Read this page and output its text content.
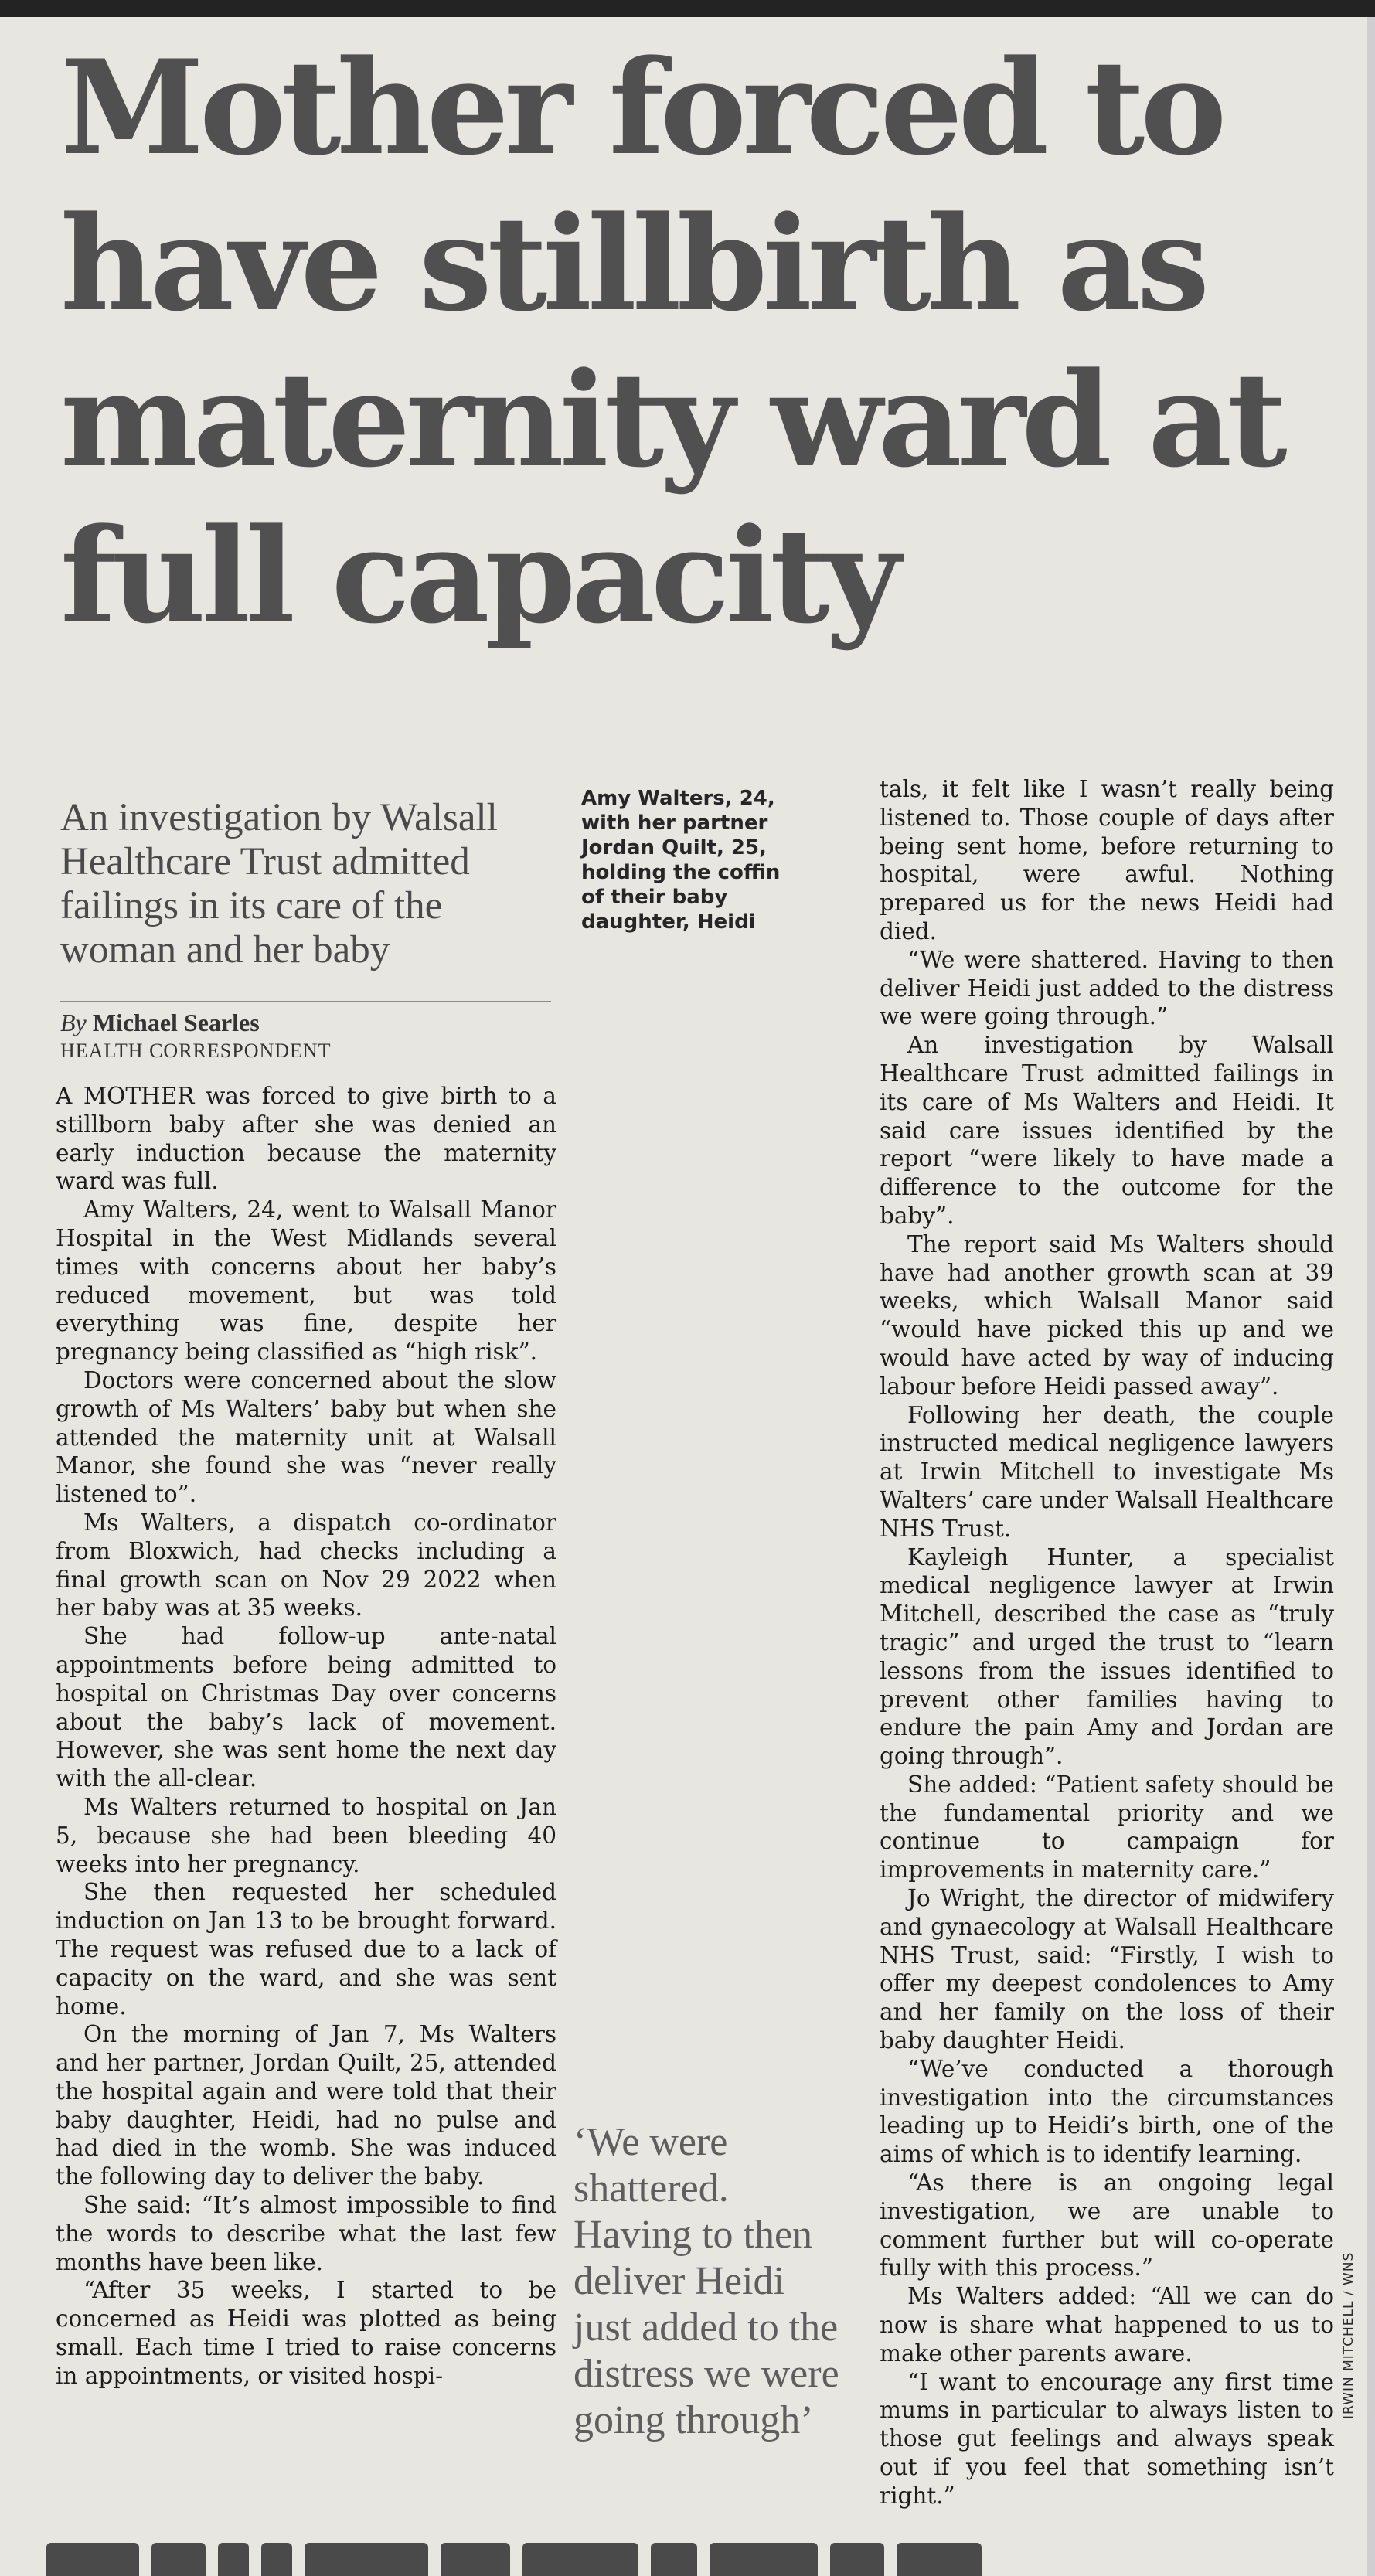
Mother forced to have stillbirth as maternity ward at full capacity

An investigation by Walsall Healthcare Trust admitted failings in its care of the woman and her baby

By Michael Searles
HEALTH CORRESPONDENT

Amy Walters, 24, with her partner Jordan Quilt, 25, holding the coffin of their baby daughter, Heidi

A MOTHER was forced to give birth to a stillborn baby after she was denied an early induction because the maternity ward was full.

Amy Walters, 24, went to Walsall Manor Hospital in the West Midlands several times with concerns about her baby’s reduced movement, but was told everything was fine, despite her pregnancy being classified as “high risk”.

Doctors were concerned about the slow growth of Ms Walters’ baby but when she attended the maternity unit at Walsall Manor, she found she was “never really listened to”.

Ms Walters, a dispatch co-ordinator from Bloxwich, had checks including a final growth scan on Nov 29 2022 when her baby was at 35 weeks.

She had follow-up ante-natal appointments before being admitted to hospital on Christmas Day over concerns about the baby’s lack of movement. However, she was sent home the next day with the all-clear.

Ms Walters returned to hospital on Jan 5, because she had been bleeding 40 weeks into her pregnancy.

She then requested her scheduled induction on Jan 13 to be brought forward. The request was refused due to a lack of capacity on the ward, and she was sent home.

On the morning of Jan 7, Ms Walters and her partner, Jordan Quilt, 25, attended the hospital again and were told that their baby daughter, Heidi, had no pulse and had died in the womb. She was induced the following day to deliver the baby.

She said: “It’s almost impossible to find the words to describe what the last few months have been like.

“After 35 weeks, I started to be concerned as Heidi was plotted as being small. Each time I tried to raise concerns in appointments, or visited hospi-

‘We were shattered. Having to then deliver Heidi just added to the distress we were going through’

tals, it felt like I wasn’t really being listened to. Those couple of days after being sent home, before returning to hospital, were awful. Nothing prepared us for the news Heidi had died.

“We were shattered. Having to then deliver Heidi just added to the distress we were going through.”

An investigation by Walsall Healthcare Trust admitted failings in its care of Ms Walters and Heidi. It said care issues identified by the report “were likely to have made a difference to the outcome for the baby”.

The report said Ms Walters should have had another growth scan at 39 weeks, which Walsall Manor said “would have picked this up and we would have acted by way of inducing labour before Heidi passed away”.

Following her death, the couple instructed medical negligence lawyers at Irwin Mitchell to investigate Ms Walters’ care under Walsall Healthcare NHS Trust.

Kayleigh Hunter, a specialist medical negligence lawyer at Irwin Mitchell, described the case as “truly tragic” and urged the trust to “learn lessons from the issues identified to prevent other families having to endure the pain Amy and Jordan are going through”.

She added: “Patient safety should be the fundamental priority and we continue to campaign for improvements in maternity care.”

Jo Wright, the director of midwifery and gynaecology at Walsall Healthcare NHS Trust, said: “Firstly, I wish to offer my deepest condolences to Amy and her family on the loss of their baby daughter Heidi.

“We’ve conducted a thorough investigation into the circumstances leading up to Heidi’s birth, one of the aims of which is to identify learning.

“As there is an ongoing legal investigation, we are unable to comment further but will co-operate fully with this process.”

Ms Walters added: “All we can do now is share what happened to us to make other parents aware.

“I want to encourage any first time mums in particular to always listen to those gut feelings and always speak out if you feel that something isn’t right.”

IRWIN MITCHELL / WNS
